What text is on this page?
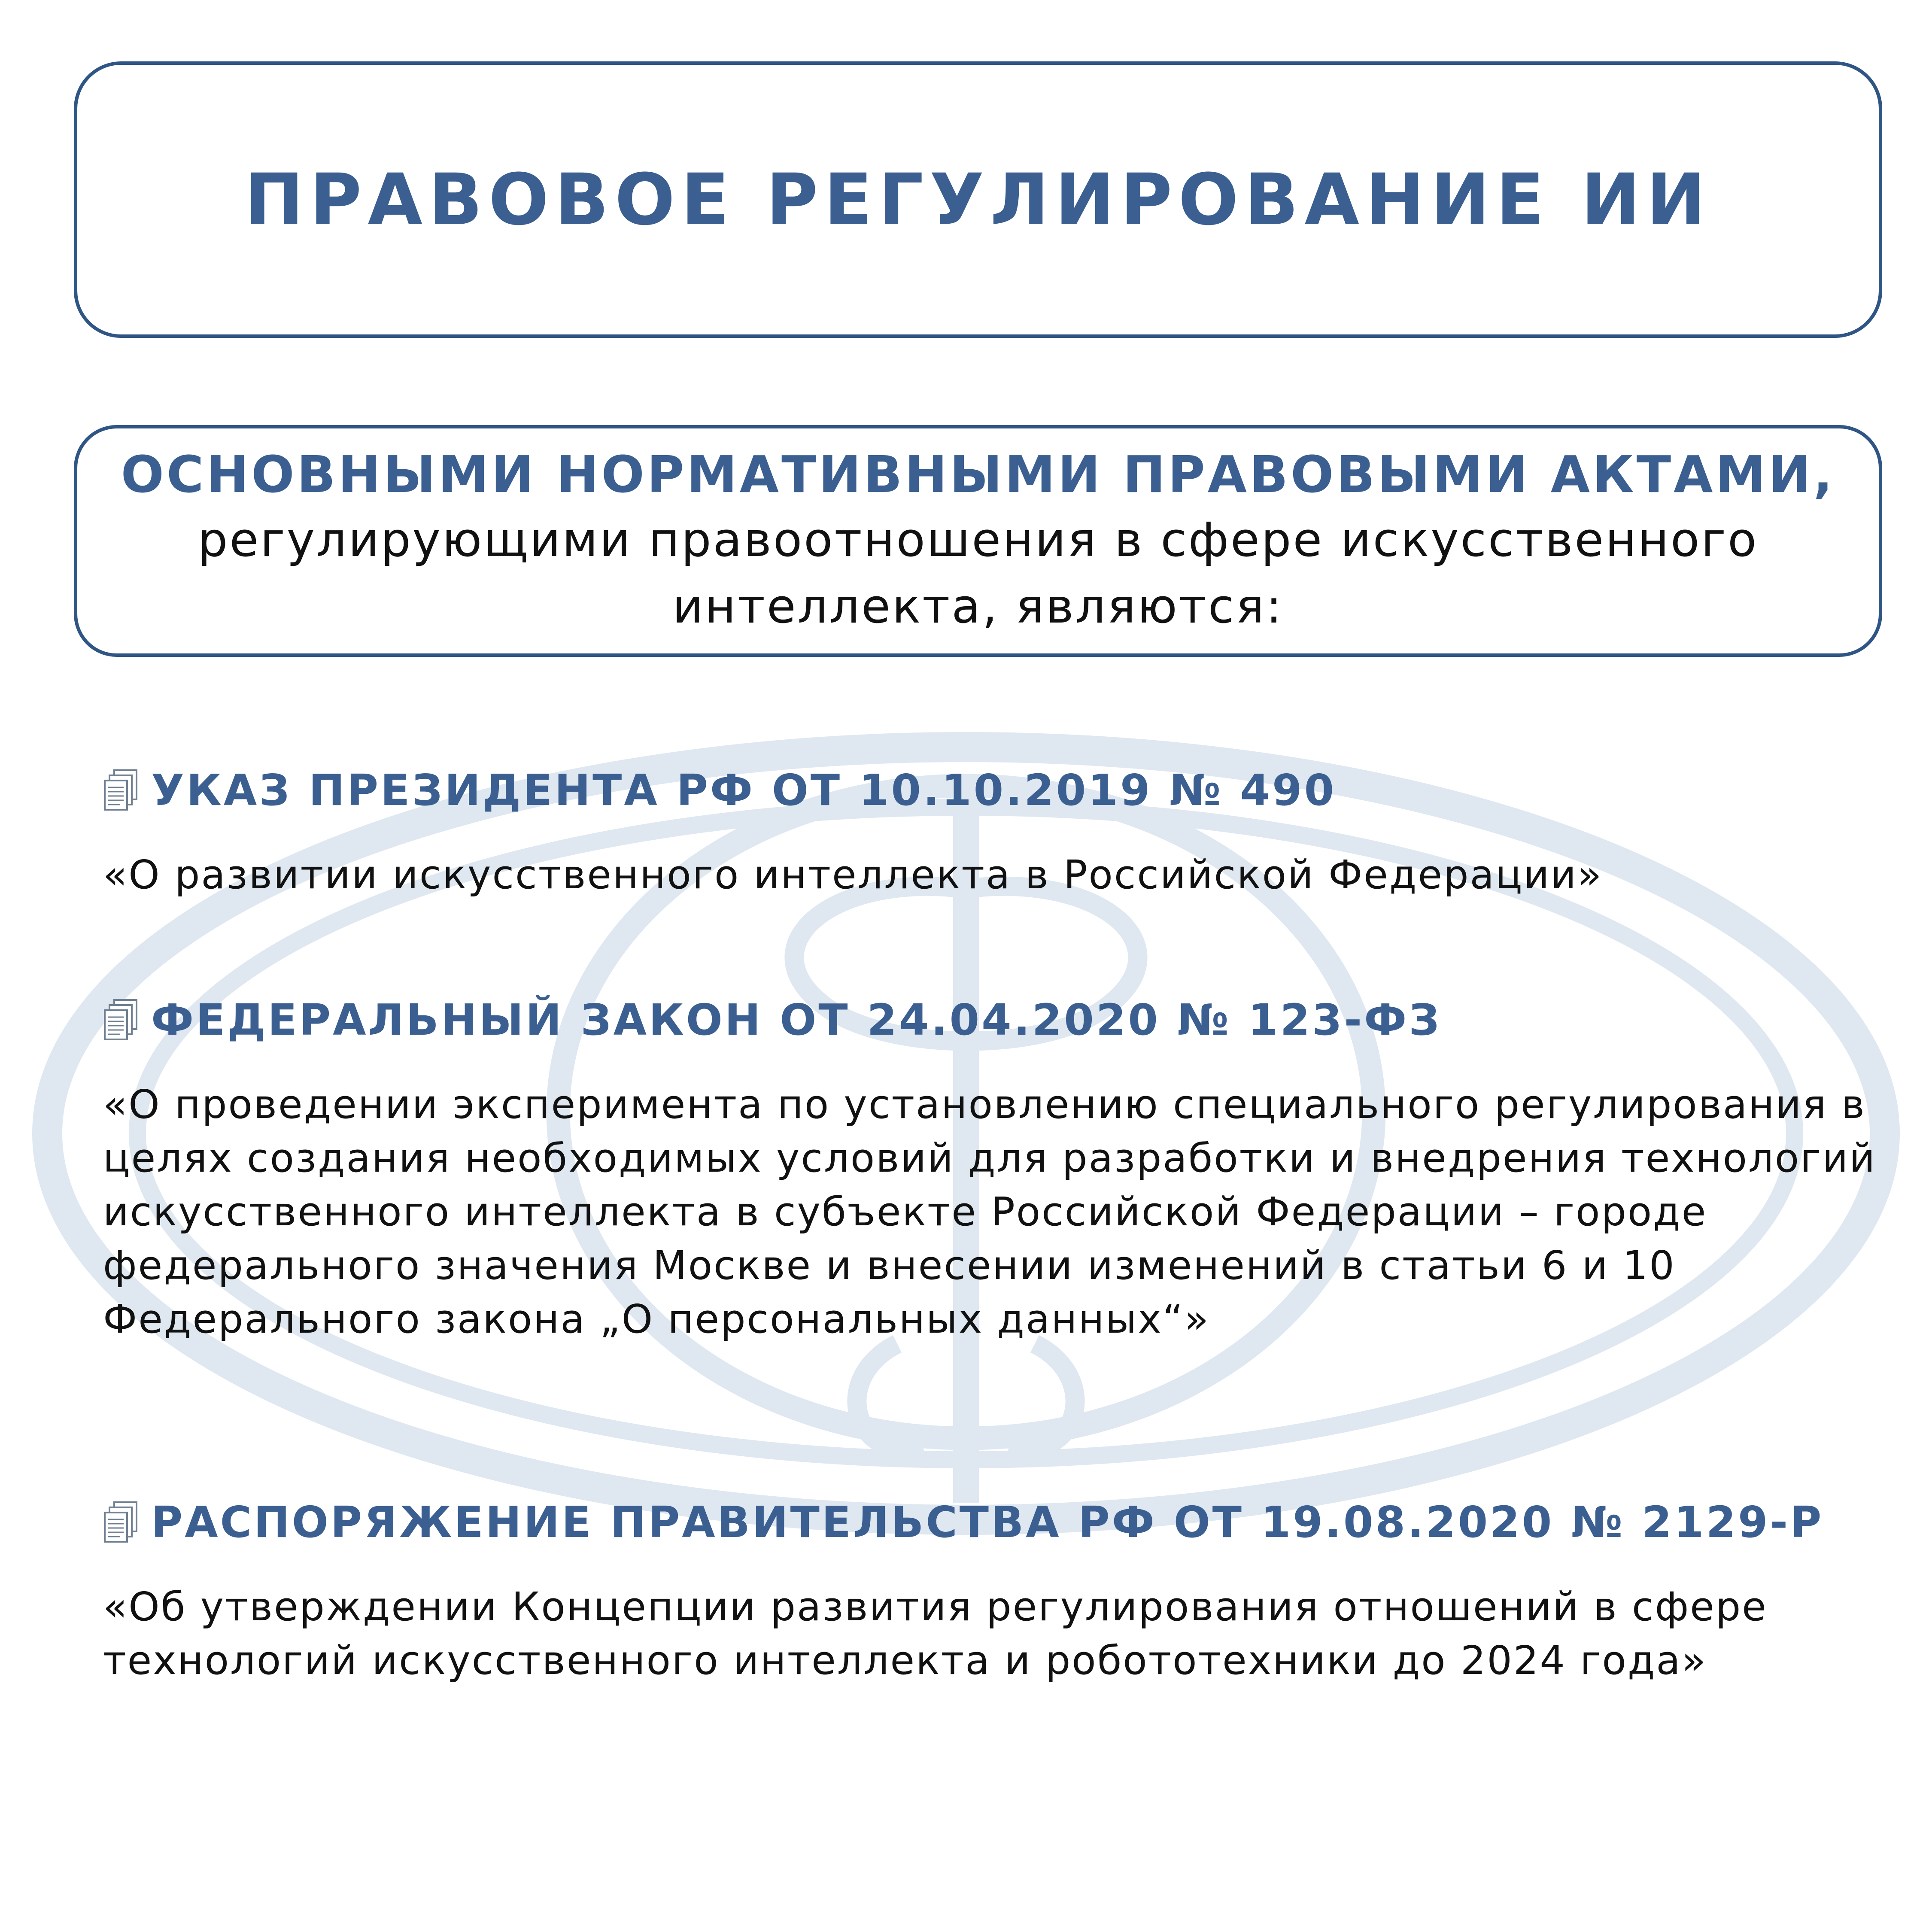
ПРАВОВОЕ РЕГУЛИРОВАНИЕ ИИ
ОСНОВНЫМИ НОРМАТИВНЫМИ ПРАВОВЫМИ АКТАМИ,
регулирующими правоотношения в сфере искусственного интеллекта, являются:
УКАЗ ПРЕЗИДЕНТА РФ ОТ 10.10.2019 № 490
«О развитии искусственного интеллекта в Российской Федерации»
ФЕДЕРАЛЬНЫЙ ЗАКОН ОТ 24.04.2020 № 123-ФЗ
«О проведении эксперимента по установлению специального регулирования в целях создания необходимых условий для разработки и внедрения технологий искусственного интеллекта в субъекте Российской Федерации – городе федерального значения Москве и внесении изменений в статьи 6 и 10 Федерального закона „О персональных данных“»
РАСПОРЯЖЕНИЕ ПРАВИТЕЛЬСТВА РФ ОТ 19.08.2020 № 2129-Р
«Об утверждении Концепции развития регулирования отношений в сфере технологий искусственного интеллекта и робототехники до 2024 года»
